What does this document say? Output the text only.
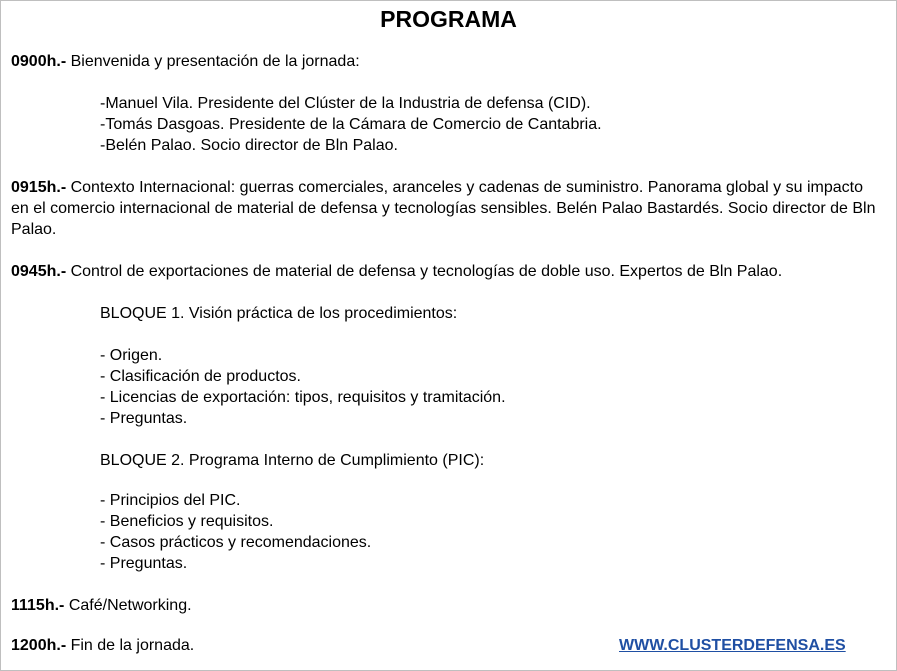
PROGRAMA
0900h.- Bienvenida y presentación de la jornada:
-Manuel Vila. Presidente del Clúster de la Industria de defensa (CID).
-Tomás Dasgoas. Presidente de la Cámara de Comercio de Cantabria.
-Belén Palao. Socio director de Bln Palao.
0915h.- Contexto Internacional: guerras comerciales, aranceles y cadenas de suministro. Panorama global y su impacto en el comercio internacional de material de defensa y tecnologías sensibles. Belén Palao Bastardés. Socio director de Bln Palao.
0945h.- Control de exportaciones de material de defensa y tecnologías de doble uso. Expertos de Bln Palao.
BLOQUE 1. Visión práctica de los procedimientos:
- Origen.
- Clasificación de productos.
- Licencias de exportación: tipos, requisitos y tramitación.
- Preguntas.
BLOQUE 2. Programa Interno de Cumplimiento (PIC):
- Principios del PIC.
- Beneficios y requisitos.
- Casos prácticos y recomendaciones.
- Preguntas.
1115h.- Café/Networking.
1200h.- Fin de la jornada.	WWW.CLUSTERDEFENSA.ES
